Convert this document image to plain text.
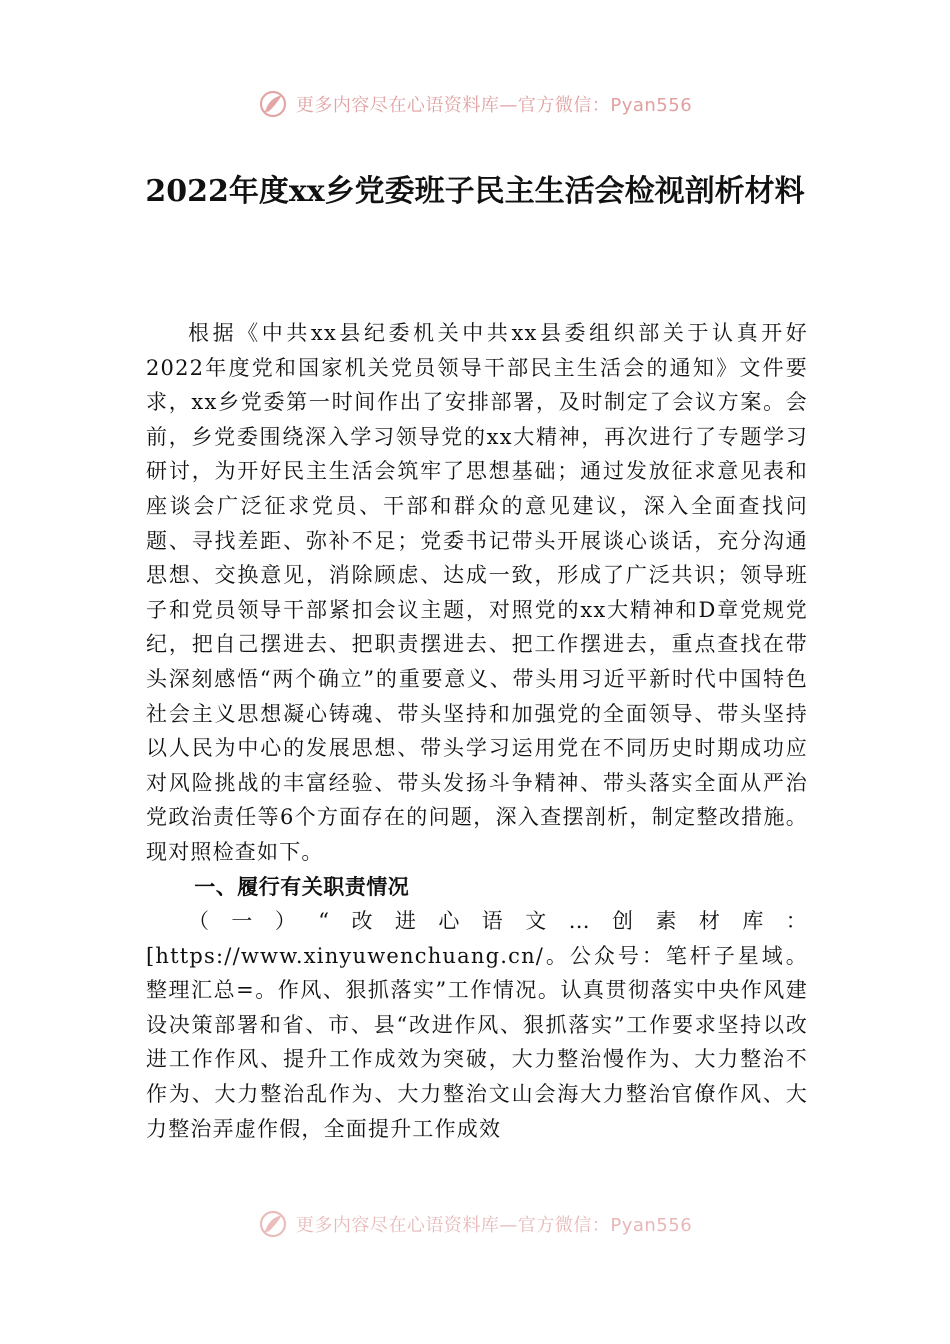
更多内容尽在心语资料库—官方微信：Pyan556
2022年度xx乡党委班子民主生活会检视剖析材料

根据《中共xx县纪委机关中共xx县委组织部关于认真开好2022年度党和国家机关党员领导干部民主生活会的通知》文件要求，xx乡党委第一时间作出了安排部署，及时制定了会议方案。会前，乡党委围绕深入学习领导党的xx大精神，再次进行了专题学习研讨，为开好民主生活会筑牢了思想基础；通过发放征求意见表和座谈会广泛征求党员、干部和群众的意见建议，深入全面查找问题、寻找差距、弥补不足；党委书记带头开展谈心谈话，充分沟通思想、交换意见，消除顾虑、达成一致，形成了广泛共识；领导班子和党员领导干部紧扣会议主题，对照党的xx大精神和D章党规党纪，把自己摆进去、把职责摆进去、把工作摆进去，重点查找在带头深刻感悟“两个确立”的重要意义、带头用习近平新时代中国特色社会主义思想凝心铸魂、带头坚持和加强党的全面领导、带头坚持以人民为中心的发展思想、带头学习运用党在不同历史时期成功应对风险挑战的丰富经验、带头发扬斗争精神、带头落实全面从严治党政治责任等6个方面存在的问题，深入查摆剖析，制定整改措施。现对照检查如下。

一、履行有关职责情况

（一）“改进心语文…创素材库：[https://www.xinyuwenchuang.cn/。公众号：笔杆子星域。整理汇总=。作风、狠抓落实”工作情况。认真贯彻落实中央作风建设决策部署和省、市、县“改进作风、狠抓落实”工作要求坚持以改进工作作风、提升工作成效为突破，大力整治慢作为、大力整治不作为、大力整治乱作为、大力整治文山会海大力整治官僚作风、大力整治弄虚作假，全面提升工作成效

更多内容尽在心语资料库—官方微信：Pyan556
